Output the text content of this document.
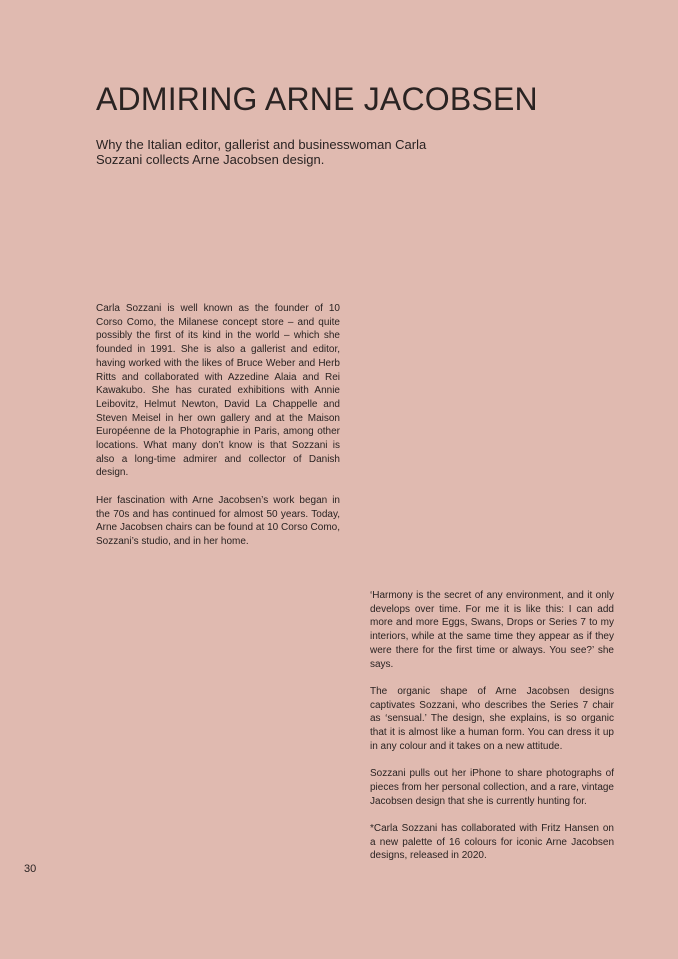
ADMIRING ARNE JACOBSEN

Why the Italian editor, gallerist and businesswoman Carla Sozzani collects Arne Jacobsen design.

Carla Sozzani is well known as the founder of 10 Corso Como, the Milanese concept store – and quite possibly the first of its kind in the world – which she founded in 1991. She is also a gallerist and editor, having worked with the likes of Bruce Weber and Herb Ritts and collaborated with Azzedine Alaia and Rei Kawakubo. She has curated exhibitions with Annie Leibovitz, Helmut Newton, David La Chappelle and Steven Meisel in her own gallery and at the Maison Européenne de la Photographie in Paris, among other locations. What many don’t know is that Sozzani is also a long-time admirer and collector of Danish design.

Her fascination with Arne Jacobsen’s work began in the 70s and has continued for almost 50 years. Today, Arne Jacobsen chairs can be found at 10 Corso Como, Sozzani’s studio, and in her home.

‘Harmony is the secret of any environment, and it only develops over time. For me it is like this: I can add more and more Eggs, Swans, Drops or Series 7 to my interiors, while at the same time they appear as if they were there for the first time or always. You see?’ she says.

The organic shape of Arne Jacobsen designs captivates Sozzani, who describes the Series 7 chair as ‘sensual.’ The design, she explains, is so organic that it is almost like a human form. You can dress it up in any colour and it takes on a new attitude.

Sozzani pulls out her iPhone to share photographs of pieces from her personal collection, and a rare, vintage Jacobsen design that she is currently hunting for.

*Carla Sozzani has collaborated with Fritz Hansen on a new palette of 16 colours for iconic Arne Jacobsen designs, released in 2020.

30
